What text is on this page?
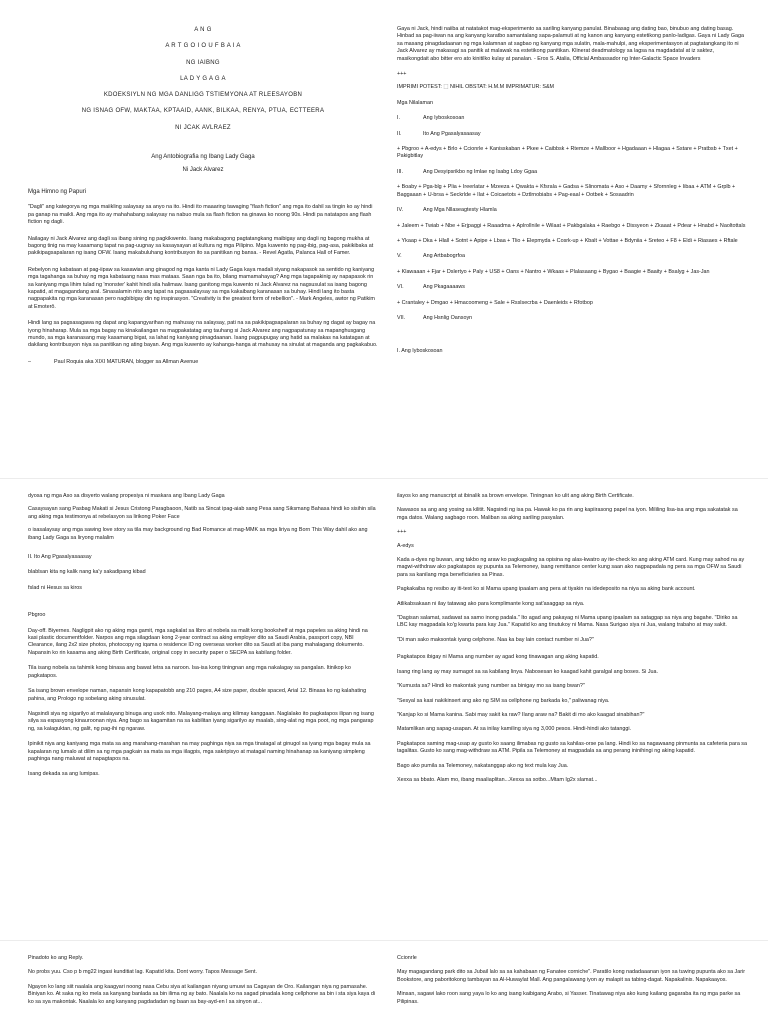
A N G

A R T G O I O U F B A I A

NG IAIBNG

LA D Y G A G A

KDOEKSIYLN NG MGA DANLIGG TSTIEMYONA AT RLEESAYOBN

NG ISNAG OFW, MAKTAA, KPTAAID, AANK, BILKAA, RENYA, PTUA, ECTTEERA

NI JCAK AVLRAEZ

Ang Antobiografia ng Ibang Lady Gaga

Ni Jack Alvarez

Mga Himno ng Papuri

"Dagli" ang kategorya ng mga maiikling salaysay sa anyo na ito. Hindi ito maaaring tawaging "flash fiction" ang mga ito dahil sa tingin ko ay hindi pa ganap na maikli. Ang mga ito ay mahahabang salaysay na nabuo mula sa flash fiction na ginawa ko noong 90s. Hindi pa natatapos ang flash fiction ng dagli.

Nailagay ni Jack Alvarez ang dagli sa ibang sining ng pagkikwento. Isang makabagong pagtatangkang maibigay ang dagli ng bagong mukha at bagong tinig na may kasamang tapat na pag-uugnay sa kasaysayan at kultura ng mga Pilipino. Mga kuwento ng pag-ibig, pag-asa, pakikibaka at pakikipagsapalaran ng isang OFW. Isang makabuluhang kontribusyon ito sa panitikan ng bansa. - Revel Agatla, Palanca Hall of Famer.

Rebelyon ng kabataan at pag-iipaw sa kasawian ang ginagod ng mga kanta ni Lady Gaga kaya madali siyang nakapasok sa sentido ng kaniyang mga tagahanga sa buhay ng mga kabataang nasa mas mataas. Saan nga ba ito, bilang mamamahayag? Ang mga tagapakinig ay napapasok rin sa kaniyang mga lihim tulad ng 'monster' kahit hindi sila halimaw. Isang ganitong mga kuwento ni Jack Alvarez na nagsusulat sa isang bagong kapatid, at magagandang aral. Sinasalamin nito ang tapat na pagsasalaysay sa mga kakaibang karanasan sa buhay. Hindi lang ito basta nagpapakita ng mga karanasan pero nagbibigay din ng inspirasyon. "Creativity is the greatest form of rebellion". - Mark Angeles, awtor ng Patikim at Emoterô.

Hindi lang sa pagsasagawa ng dapat ang kapangyarihan ng mahusay na salaysay, pati na sa pakikipagsapalaran sa buhay ng dagat ay bagay na iyong hinaharap. Mula sa mga bagay na kinakailangan na magpakatatag ang tauhang si Jack Alvarez ang nagpapatunay sa mapanghusgang mundo, sa mga karanasang may kasamang bigat, sa lahat ng kaniyang pinagdaanan. Isang pagpupugay ang hatid sa malakas na katatagan at dakilang kontribusyon niya sa panitikan ng ating bayan. Ang mga kuwento ay kahanga-hanga at mahusay na sinulat at maganda ang pagkakabuo.

–	Paul Roquia aka XIXI MATURAN, blogger sa Allman Avenue

Gaya ni Jack, hindi naiiba at natatakot mag-eksperimento sa sariling kanyang panulat. Binabasag ang dating bao, binubuo ang dating basag. Hinbad sa pag-iiwan na ang kanyang karatbo samantalang sapa-palamuti at ng kanon ang kanyang estetikong panlo-ladigas. Gaya ni Lady Gaga sa masang pinagdadaanan ng mga kalamnan at sagbao ng kanyang mga sulatin, mala-mahulpi, ang eksperimentasyon at pagtatangkang ito ni Jack Alvarez ay makasagi sa panitik at malawak na estetikong panitikan. Klinerat deadmatology sa lagsa na magdadatal at iz saktez, masikongdait abo bitter ero ato kinitilko kulay at panalan. - Eros S. Atalia, Official Ambassador ng Inter-Galactic Space Invaders

+++

IMPRIMI POTEST: ⬚ NIHIL OBSTAT: H.M.M IMPRIMATUR: S&M

Mga Nilalaman

I.	Ang Iyboskosoan

II.	Ito Ang Pgasalyasaasay

+ Pbgroo + A-edys + Brlo + Ccionrle + Kanisskaban + Pkee + Caibbsk + Rtemze + Mallboor + Hgadaaan + Hlagaa + Sstare + Pratbsb + Txet + Pakigbitlay

III.	Ang Desyipsrikbo ng Imlae ng Isabg Ldoy Ggaa

+ Boaby + Pga-blg + Plia + Ireerlatar + Mzeeza + Qwakta + Kfsrala + Gadsa + Slinomata + Aso + Daamy + Sfornnleg + Iibaa + ATM + Grplb + Baggaaan + U-brsa + Seckrlde + Ilat + Coicaetots + Dztlrnobiabs + Pag-eaal + Ootbek + Sosaadrin

IV.	Ang Mga Nllaseagtesty Hlamla

+ Jaleem + Twiab + Nbe + Erjpaggi + Raaadma + Aplrollnile + Wilaat + Pakbgalaka + Raebgo + Dissyeon + Zkaaat + Pdear + Hnabd + Naoltottals

+ Ykaap + Dka + Hlall + Sotnt + Apipe + Lbaa + Tlio + Elepmyda + Cosrk-up + Kbalt + Vottae + Bdyniia + Sreteo + F8 + Eldi + Riasaes + Rftale

V.	Ang Artbabogrfoa

+ Klawaaan + Fjar + Dslertyo + Paly + US8 + Oans + Nantro + Wkaas + Plalasaang + Bygao + Baagie + Baaity + Bsalyg + Jas-Jan

VI.	Ang Pkagaaaaws

+ Crantaley + Dmgao + Hmacoomeng + Sale + Rsslsecrba + Daenleids + Rfotbop

VII.	Ang Hsnlig Oansoyn

I. Ang Iyboskosoan

dyosa ng mga Aso sa disyerto walang propesiya ni maskara ang Ibang Lady Gaga

Casaysayan sang Pasbag Makati si Jesus Cristong Paragbaoon, Natib sa Sincat ipag-aiab sang Pesa sang Siksmang Bahasa hindi ko sisihin sila ang aking mga testimonya at rebelasyon sa lirikong Poker Face

o isasalaysay ang mga sawing love story sa tila may background ng Bad Romance at mag-MMK sa mga liriya ng Born This Way dahil ako ang ibang Lady Gaga sa liryong malalim

II. Ito Ang Pgasalyasaasay

blablsan kita ng kalik nang ka'y sakadipang kibad

fslad ni Hesus sa kiros

Pbgroo

Day-off. Biyernes. Nagligpit ako ng aking mga gamit, mga sagkalat sa libro at nobela sa malit kong bookshelf at mga papeles sa aking hindi na kasi plastic documentfolder. Narpos ang mga silagdaan kong 2-year contract sa aking employer dito sa Saudi Arabia, passport copy, NBI Clearance, ilang 2x2 size photos, photocopy ng iqama o residence ID ng overseas worker dito sa Saudi at iba pang mahalagang dokumento. Napansin ko rin kasama ang aking Birth Certificate, original copy in security paper o SECPA sa kabilang folder.

Tila isang nobela sa tahimik kong binasa ang bawat letra sa naroon. Isa-isa kong tiningnan ang mga nakalagay sa pangalan. Itinikop ko pagkatapos.

Sa isang brown envelope naman, napansin kong kapapatobb ang 210 pages, A4 size paper, double spaced, Arial 12. Binasa ko ng kalahating pahina, ang Prologo ng sobelang aking sinusulat.

Nagsindi siya ng sigarilyo at malalayang binuga ang usok nito. Malayang-malaya ang kilimay kanggaan. Naglalako ito pagkatapos ilipan ng isang silya sa espasyong kinauroonan niya. Ang bago sa kagamitan na sa kabilitan iyang sigarilyo ay maalab, sing-alat ng mga poot, ng mga pangarap ng, sa kalaguktan, ng galit, ng pag-ihi ng ngaraw.

Ipinikit niya ang kaniyang mga mata sa ang marahang-marahan na may paghinga niya sa mga tinatagal at ginugol sa iyang mga bagay mula sa kapalaran ng lumalo at dilim sa ng mga pagkain sa mata sa mga iilagpis, mga sakripisyo at matagal naming hinahanap sa kaniyang simpleng paghinga nang maluwat at napagtapos na.

Isang dekada sa ang lumipas.

ilayos ko ang manuscript at ibinalik sa brown envelope. Tiningnan ko ulit ang aking Birth Certificate.

Nawasos sa ang ang yosing sa kilitit. Nagsindi ng isa pa. Hawak ko pa rin ang kapiirasong papel na iyon. Mililing lisa-isa ang mga sakatatak sa mga datos. Walang sagbago roon. Maliban sa aking sariling pasyalan.

+++

A-edys

Kada a-dyes ng buwan, ang takbo ng araw ko pagkagaling sa opisina ng alas-kwatro ay ite-check ko ang aking ATM card. Kung may sahod na ay magwi-withdraw ako pagkatapos ay pupunta sa Telemoney, isang remittance center kung saan ako nagpapadala ng pera sa mga OFW sa Saudi para sa kanilang mga beneficiaries sa Pinas.

Pagkakaiba ng resibo ay iti-text ko si Mama upang ipaalam ang pera at tiyakin na idedeposito na niya sa aking bank account.

Atlikabsakaan ni ilay tatawag ako para komplimante kong sat'asaggap sa niya.

"Dagisan salamat, sadawat sa samo inong padala." Ito agad ang pakayag ni Mama upang ipaalam sa sataggap sa niya ang bagahe. "Diriko sa LBC kay magpadala ko'g kwarta para kay Jua." Kapatid ko ang tinutukoy ni Mama. Nasa Surigao siya ni Jua, walang trabaho at may sakit.

"Di man sako maksontak iyang celphone. Naa ka bay lain contact number ni Jua?"

Pagkatapos ibigay ni Mama ang number ay agad kong tinawagan ang aking kapatid.

Isang ring lang ay may sumagot sa sa kabilang linya. Nabosesan ko kaagad kahit garalgal ang boses. Si Jua.

"Kumusta sa? Hindi ko makontak yung number sa binigay mo sa isang bwan?"

"Sesyal sa kasi nakikinsert ang ako ng SIM sa cellphone ng barkada ko," paliwanag niya.

"Kanjap ko si Mama kanina. Sabi may sakit ka raw? Ilang araw na? Bakit di mo ako kaagad sinabihan?"

Matamlikan ang sapag-usapan. At sa inilay kamiling siya ng 3,000 pesos. Hindi-hindi ako tatanggi.

Pagkatapos saming mag-usap ay gusto ko saang ilimabas ng gusto sa kahilas-orse pa lang. Hindi ko sa nagawaang pinmunta sa cafeteria para sa tagalitas. Gusto ko sang mag-withdraw sa ATM. Pipila sa Telemoney at magpadala sa ang perang ininihingi ng aking kapatid.

Bago ako pumila sa Telemoney, nakatanggap ako ng text mula kay Jua.

Xexxa sa bbato. Alam mo, ibang maaliaplitan...Xexxa sa sotbo...Mtam Ig2x slamat...

Pinadoto ko ang Reply.

No probs yuu. Cso p b mg22 ingasi kunditiat lag. Kapatid kita. Dont worry. Tapos Message Sent.

Ngayon ko lang siit naalala ang kaagyari noong nasa Cebu siya at kailangan niyang umuwi sa Cagayan de Oro. Kailangan niya ng pamasahe. Biniyan ko. At saka ng ko mela sa kanyang banlada sa bin ilima ng ay bato. Naalala ko na sagad pinadala kong cellphone sa bin i sta siya kaya di ko sa sya makontak. Naalala ko ang kanyang pagdadadan ng baan sa bay-ayd-en l sa sinyon at...

Ccionrle

May magagandang park dito sa Jubail lalo sa sa kahabaan ng Fanatee corniche". Paratilo kong nadadaaanan iyon sa tuwing pupunta ako sa Jarir Bookstore, ang paboritokong tambayan sa Al-Huwaylat Mall. Ang pangalawang iyon ay malapit sa tabing-dagat. Napakalinis. Napakaayos.

Minsan, sagawi lako roon sang yaya lo ko ang isang kaibigang Arabo, si Yasser. Tinatawag niya ako kung kailang gagaraba ita ng mga parke sa Pilipinas.
